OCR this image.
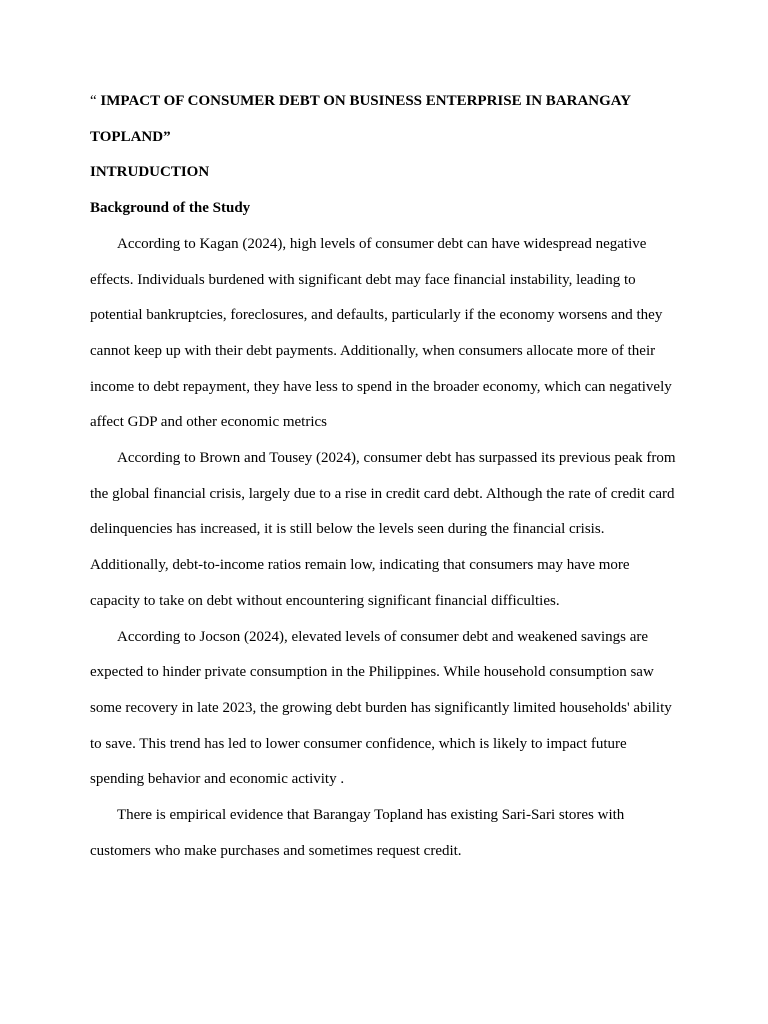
“ IMPACT OF CONSUMER DEBT ON BUSINESS ENTERPRISE IN BARANGAY TOPLAND”

INTRUDUCTION

Background of the Study

According to Kagan (2024), high levels of consumer debt can have widespread negative effects. Individuals burdened with significant debt may face financial instability, leading to potential bankruptcies, foreclosures, and defaults, particularly if the economy worsens and they cannot keep up with their debt payments. Additionally, when consumers allocate more of their income to debt repayment, they have less to spend in the broader economy, which can negatively affect GDP and other economic metrics

According to Brown and Tousey (2024), consumer debt has surpassed its previous peak from the global financial crisis, largely due to a rise in credit card debt. Although the rate of credit card delinquencies has increased, it is still below the levels seen during the financial crisis. Additionally, debt-to-income ratios remain low, indicating that consumers may have more capacity to take on debt without encountering significant financial difficulties.

According to Jocson (2024), elevated levels of consumer debt and weakened savings are expected to hinder private consumption in the Philippines. While household consumption saw some recovery in late 2023, the growing debt burden has significantly limited households' ability to save. This trend has led to lower consumer confidence, which is likely to impact future spending behavior and economic activity .

There is empirical evidence that Barangay Topland has existing Sari-Sari stores with customers who make purchases and sometimes request credit.
